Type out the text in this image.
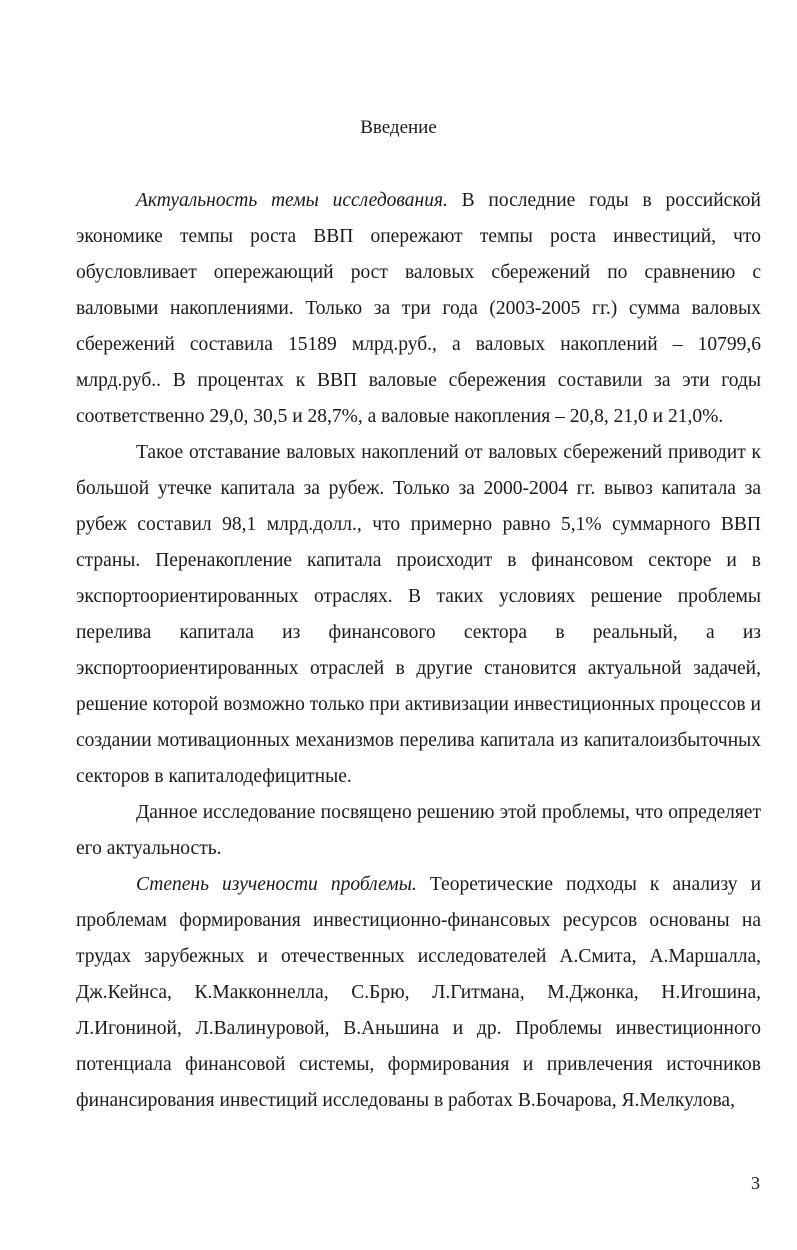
Введение

Актуальность темы исследования. В последние годы в российской экономике темпы роста ВВП опережают темпы роста инвестиций, что обусловливает опережающий рост валовых сбережений по сравнению с валовыми накоплениями. Только за три года (2003-2005 гг.) сумма валовых сбережений составила 15189 млрд.руб., а валовых накоплений – 10799,6 млрд.руб.. В процентах к ВВП валовые сбережения составили за эти годы соответственно 29,0, 30,5 и 28,7%, а валовые накопления – 20,8, 21,0 и 21,0%.

Такое отставание валовых накоплений от валовых сбережений приводит к большой утечке капитала за рубеж. Только за 2000-2004 гг. вывоз капитала за рубеж составил 98,1 млрд.долл., что примерно равно 5,1% суммарного ВВП страны. Перенакопление капитала происходит в финансовом секторе и в экспортоориентированных отраслях. В таких условиях решение проблемы перелива капитала из финансового сектора в реальный, а из экспортоориентированных отраслей в другие становится актуальной задачей, решение которой возможно только при активизации инвестиционных процессов и создании мотивационных механизмов перелива капитала из капиталоизбыточных секторов в капиталодефицитные.

Данное исследование посвящено решению этой проблемы, что определяет его актуальность.

Степень изучености проблемы. Теоретические подходы к анализу и проблемам формирования инвестиционно-финансовых ресурсов основаны на трудах зарубежных и отечественных исследователей А.Смита, А.Маршалла, Дж.Кейнса, К.Макконнелла, С.Брю, Л.Гитмана, М.Джонка, Н.Игошина, Л.Игониной, Л.Валинуровой, В.Аньшина и др. Проблемы инвестиционного потенциала финансовой системы, формирования и привлечения источников финансирования инвестиций исследованы в работах В.Бочарова, Я.Мелкулова,

3
